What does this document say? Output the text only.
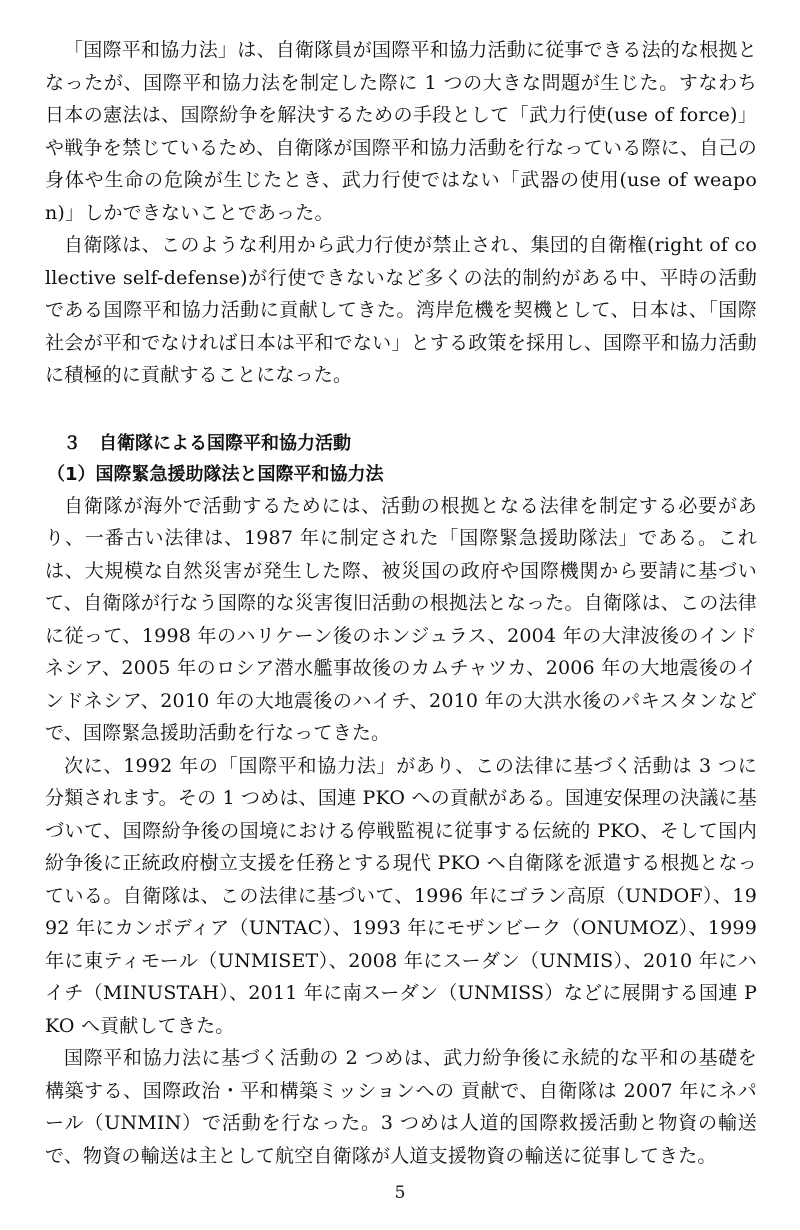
「国際平和協力法」は、自衛隊員が国際平和協力活動に従事できる法的な根拠となったが、国際平和協力法を制定した際に 1 つの大きな問題が生じた。すなわち日本の憲法は、国際紛争を解決するための手段として「武力行使(use of force)」や戦争を禁じているため、自衛隊が国際平和協力活動を行なっている際に、自己の身体や生命の危険が生じたとき、武力行使ではない「武器の使用(use of weapon)」しかできないことであった。

自衛隊は、このような利用から武力行使が禁止され、集団的自衛権(right of collective self-defense)が行使できないなど多くの法的制約がある中、平時の活動である国際平和協力活動に貢献してきた。湾岸危機を契機として、日本は、「国際社会が平和でなければ日本は平和でない」とする政策を採用し、国際平和協力活動に積極的に貢献することになった。

３　自衛隊による国際平和協力活動
（1）国際緊急援助隊法と国際平和協力法

自衛隊が海外で活動するためには、活動の根拠となる法律を制定する必要があり、一番古い法律は、1987 年に制定された「国際緊急援助隊法」である。これは、大規模な自然災害が発生した際、被災国の政府や国際機関から要請に基づいて、自衛隊が行なう国際的な災害復旧活動の根拠法となった。自衛隊は、この法律に従って、1998 年のハリケーン後のホンジュラス、2004 年の大津波後のインドネシア、2005 年のロシア潜水艦事故後のカムチャツカ、2006 年の大地震後のインドネシア、2010 年の大地震後のハイチ、2010 年の大洪水後のパキスタンなどで、国際緊急援助活動を行なってきた。

次に、1992 年の「国際平和協力法」があり、この法律に基づく活動は 3 つに分類されます。その 1 つめは、国連 PKO への貢献がある。国連安保理の決議に基づいて、国際紛争後の国境における停戦監視に従事する伝統的 PKO、そして国内紛争後に正統政府樹立支援を任務とする現代 PKO へ自衛隊を派遣する根拠となっている。自衛隊は、この法律に基づいて、1996 年にゴラン高原（UNDOF）、1992 年にカンボディア（UNTAC）、1993 年にモザンビーク（ONUMOZ）、1999 年に東ティモール（UNMISET）、2008 年にスーダン（UNMIS）、2010 年にハイチ（MINUSTAH）、2011 年に南スーダン（UNMISS）などに展開する国連 PKO へ貢献してきた。

国際平和協力法に基づく活動の 2 つめは、武力紛争後に永続的な平和の基礎を構築する、国際政治・平和構築ミッションへの 貢献で、自衛隊は 2007 年にネパール（UNMIN）で活動を行なった。3 つめは人道的国際救援活動と物資の輸送で、物資の輸送は主として航空自衛隊が人道支援物資の輸送に従事してきた。

5
